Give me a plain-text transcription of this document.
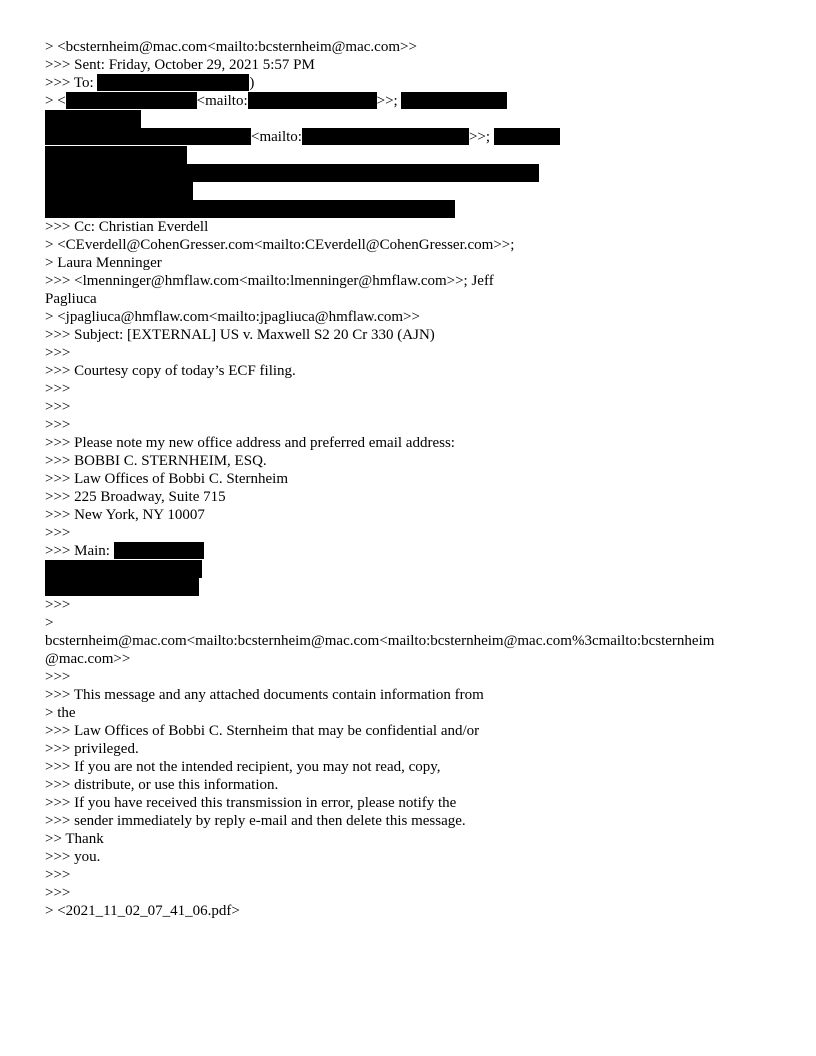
> <bcsternheim@mac.com<mailto:bcsternheim@mac.com>>
>>> Sent: Friday, October 29, 2021 5:57 PM
>>> To:	)
> <	<mailto:	>>;
<mailto:	>>;
>>> Cc: Christian Everdell
> <CEverdell@CohenGresser.com<mailto:CEverdell@CohenGresser.com>>;
> Laura Menninger
>>> <lmenninger@hmflaw.com<mailto:lmenninger@hmflaw.com>>; Jeff
Pagliuca
> <jpagliuca@hmflaw.com<mailto:jpagliuca@hmflaw.com>>
>>> Subject: [EXTERNAL] US v. Maxwell S2 20 Cr 330 (AJN)
>>>
>>> Courtesy copy of today’s ECF filing.
>>>
>>>
>>>
>>> Please note my new office address and preferred email address:
>>> BOBBI C. STERNHEIM, ESQ.
>>> Law Offices of Bobbi C. Sternheim
>>> 225 Broadway, Suite 715
>>> New York, NY 10007
>>>
>>> Main:
>>>
>
bcsternheim@mac.com<mailto:bcsternheim@mac.com<mailto:bcsternheim@mac.com%3cmailto:bcsternheim @mac.com>>
>>>
>>> This message and any attached documents contain information from
> the
>>> Law Offices of Bobbi C. Sternheim that may be confidential and/or
>>> privileged.
>>> If you are not the intended recipient, you may not read, copy,
>>> distribute, or use this information.
>>> If you have received this transmission in error, please notify the
>>> sender immediately by reply e-mail and then delete this message.
>> Thank
>>> you.
>>>
>>>
> <2021_11_02_07_41_06.pdf>
